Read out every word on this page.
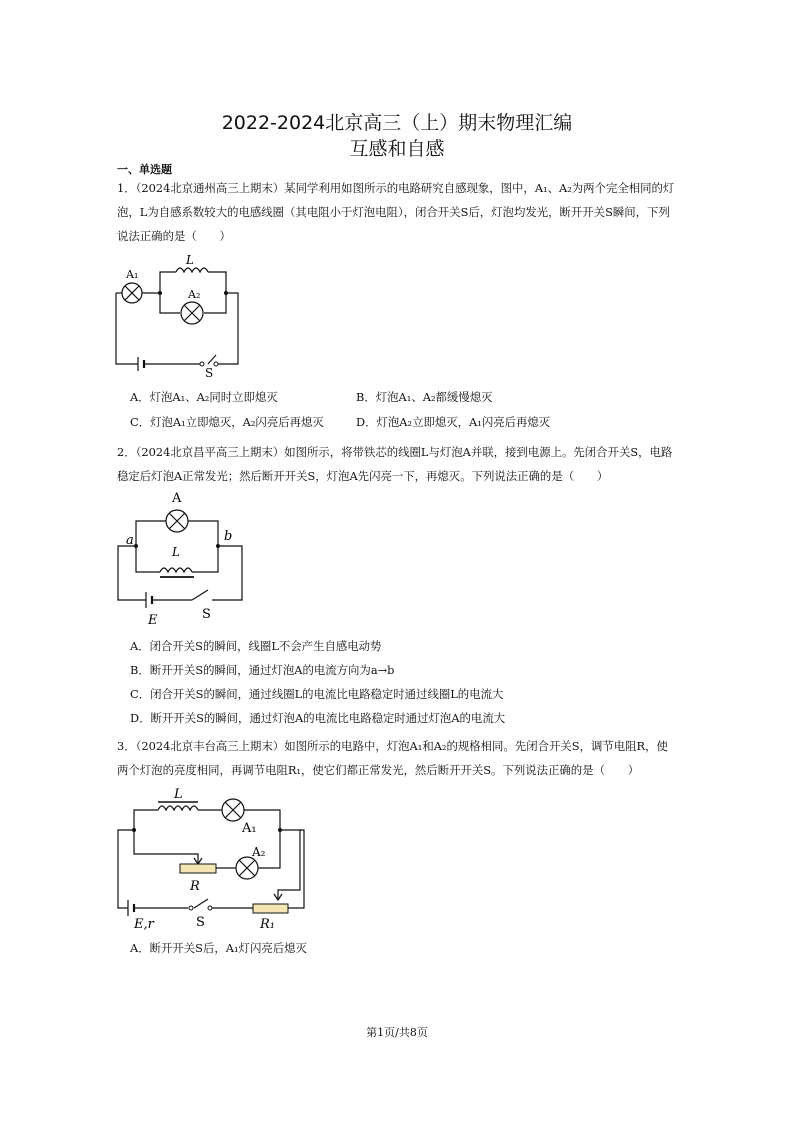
2022-2024北京高三（上）期末物理汇编
互感和自感
一、单选题
1．（2024北京通州高三上期末）某同学利用如图所示的电路研究自感现象，图中，A₁、A₂为两个完全相同的灯泡，L为自感系数较大的电感线圈（其电阻小于灯泡电阻），闭合开关S后，灯泡均发光，断开开关S瞬间，下列说法正确的是（　　）
L
A₁
A₂
S
A．灯泡A₁、A₂同时立即熄灭	B．灯泡A₁、A₂都缓慢熄灭
C．灯泡A₁立即熄灭，A₂闪亮后再熄灭	D．灯泡A₂立即熄灭，A₁闪亮后再熄灭
2．（2024北京昌平高三上期末）如图所示，将带铁芯的线圈L与灯泡A并联，接到电源上。先闭合开关S，电路稳定后灯泡A正常发光；然后断开开关S，灯泡A先闪亮一下，再熄灭。下列说法正确的是（　　）
A
L
a	b
E	S
A．闭合开关S的瞬间，线圈L不会产生自感电动势
B．断开开关S的瞬间，通过灯泡A的电流方向为a→b
C．闭合开关S的瞬间，通过线圈L的电流比电路稳定时通过线圈L的电流大
D．断开开关S的瞬间，通过灯泡A的电流比电路稳定时通过灯泡A的电流大
3．（2024北京丰台高三上期末）如图所示的电路中，灯泡A₁和A₂的规格相同。先闭合开关S，调节电阻R，使两个灯泡的亮度相同，再调节电阻R₁，使它们都正常发光，然后断开开关S。下列说法正确的是（　　）
L
A₁
A₂
R
E,r	S	R₁
A．断开开关S后，A₁灯闪亮后熄灭
第1页/共8页
